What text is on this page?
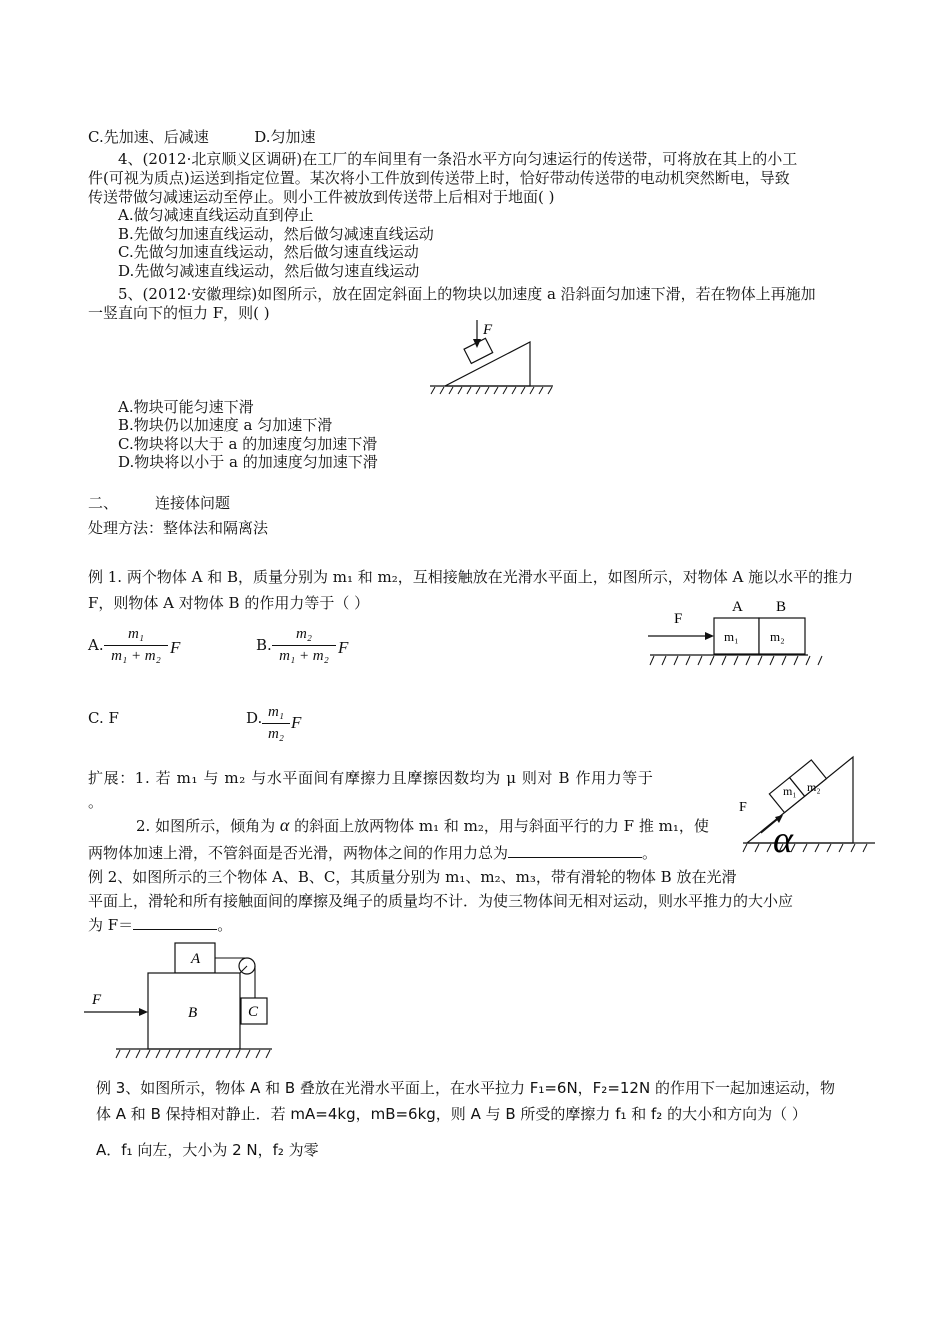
C.先加速、后减速	D.匀加速
4、(2012·北京顺义区调研)在工厂的车间里有一条沿水平方向匀速运行的传送带，可将放在其上的小工
件(可视为质点)运送到指定位置。某次将小工件放到传送带上时，恰好带动传送带的电动机突然断电，导致
传送带做匀减速运动至停止。则小工件被放到传送带上后相对于地面( )
A.做匀减速直线运动直到停止
B.先做匀加速直线运动，然后做匀减速直线运动
C.先做匀加速直线运动，然后做匀速直线运动
D.先做匀减速直线运动，然后做匀速直线运动
5、(2012·安徽理综)如图所示，放在固定斜面上的物块以加速度 a 沿斜面匀加速下滑，若在物体上再施加
一竖直向下的恒力 F，则( )
F
A.物块可能匀速下滑
B.物块仍以加速度 a 匀加速下滑
C.物块将以大于 a 的加速度匀加速下滑
D.物块将以小于 a 的加速度匀加速下滑
二、 连接体问题
处理方法：整体法和隔离法
例 1. 两个物体 A 和 B，质量分别为 m₁ 和 m₂，互相接触放在光滑水平面上，如图所示，对物体 A 施以水平的推力
F，则物体 A 对物体 B 的作用力等于（ ）
A.
m₁
m₁ + m₂ F	B.
m₂
m₁ + m₂ F
C. F	D. m₁
m₂
F
A B
m₁ m₂
F
扩展：1. 若 m₁ 与 m₂ 与水平面间有摩擦力且摩擦因数均为 μ 则对 B 作用力等于
。
2. 如图所示，倾角为 α 的斜面上放两物体 m₁ 和 m₂，用与斜面平行的力 F 推 m₁，使
两物体加速上滑，不管斜面是否光滑，两物体之间的作用力总为	。
m₁ m₂
F
α
例 2、如图所示的三个物体 A、B、C，其质量分别为 m₁、m₂、m₃，带有滑轮的物体 B 放在光滑
平面上，滑轮和所有接触面间的摩擦及绳子的质量均不计．为使三物体间无相对运动，则水平推力的大小应
为 F＝	。
A
B	C
F
例 3、如图所示，物体 A 和 B 叠放在光滑水平面上，在水平拉力 F₁=6N，F₂=12N 的作用下一起加速运动，物
体 A 和 B 保持相对静止．若 mA=4kg，mB=6kg，则 A 与 B 所受的摩擦力 f₁ 和 f₂ 的大小和方向为（ ）
A．f₁ 向左，大小为 2 N，f₂ 为零
